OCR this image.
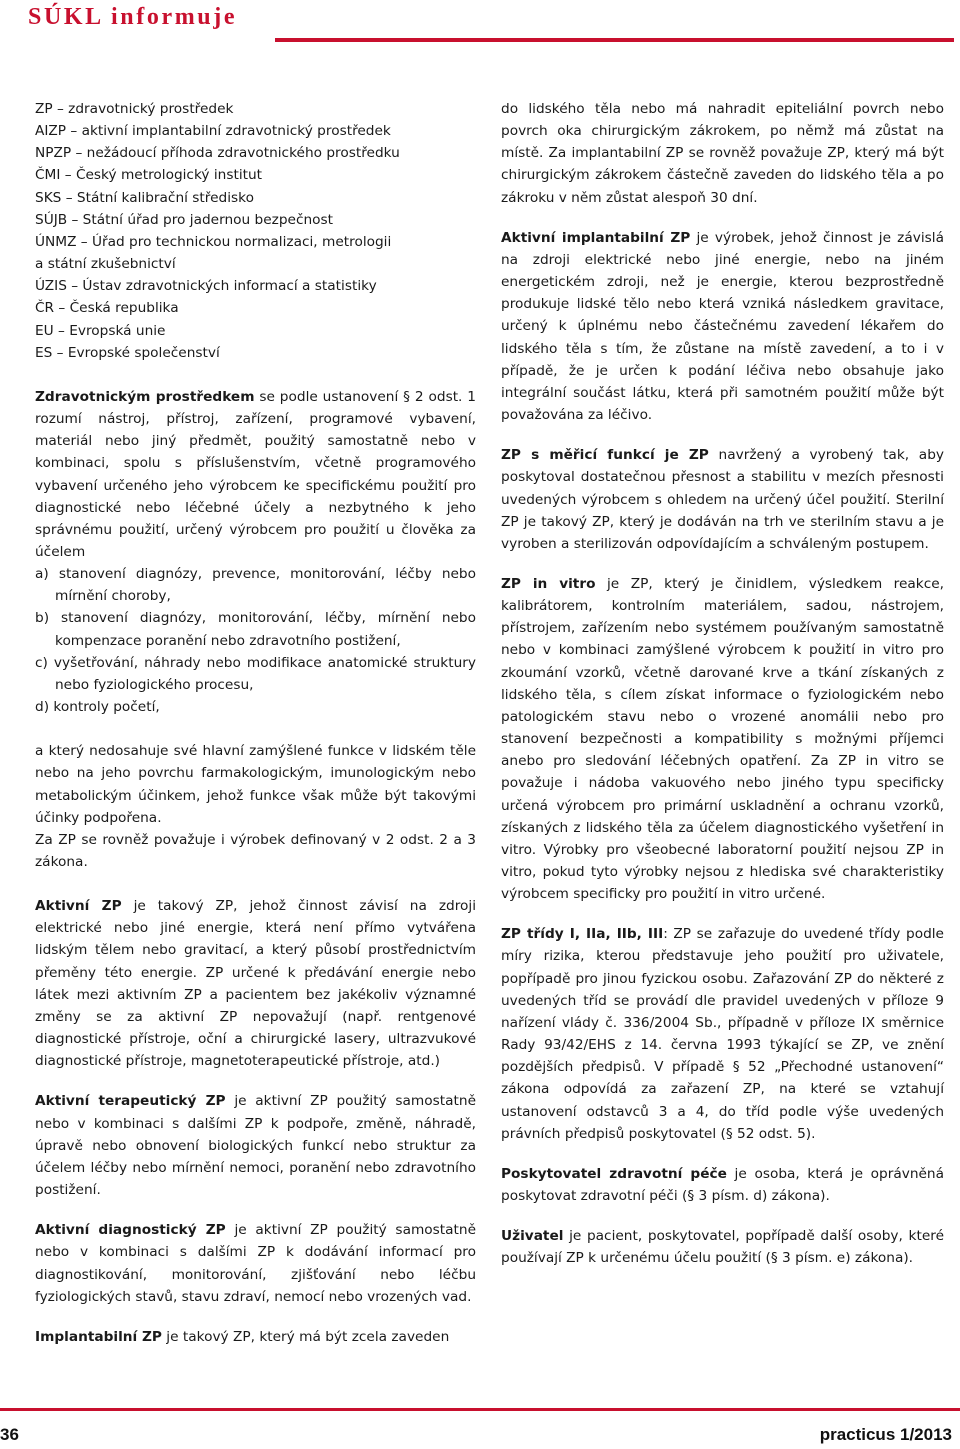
SÚKL informuje
ZP – zdravotnický prostředek
AIZP – aktivní implantabilní zdravotnický prostředek
NPZP – nežádoucí příhoda zdravotnického prostředku
ČMI – Český metrologický institut
SKS – Státní kalibrační středisko
SÚJB – Státní úřad pro jadernou bezpečnost
ÚNMZ – Úřad pro technickou normalizaci, metrologii
a státní zkušebnictví
ÚZIS – Ústav zdravotnických informací a statistiky
ČR – Česká republika
EU – Evropská unie
ES – Evropské společenství

Zdravotnickým prostředkem se podle ustanovení § 2 odst. 1 rozumí nástroj, přístroj, zařízení, programové vybavení, materiál nebo jiný předmět, použitý samostatně nebo v kombinaci, spolu s příslušenstvím, včetně programového vybavení určeného jeho výrobcem ke specifickému použití pro diagnostické nebo léčebné účely a nezbytného k jeho správnému použití, určený výrobcem pro použití u člověka za účelem

a) stanovení diagnózy, prevence, monitorování, léčby nebo mírnění choroby,

b) stanovení diagnózy, monitorování, léčby, mírnění nebo kompenzace poranění nebo zdravotního postižení,

c) vyšetřování, náhrady nebo modifikace anatomické struktury nebo fyziologického procesu,

d) kontroly početí,

a který nedosahuje své hlavní zamýšlené funkce v lidském těle nebo na jeho povrchu farmakologickým, imunologickým nebo metabolickým účinkem, jehož funkce však může být takovými účinky podpořena.

Za ZP se rovněž považuje i výrobek definovaný v 2 odst. 2 a 3 zákona.

Aktivní ZP je takový ZP, jehož činnost závisí na zdroji elektrické nebo jiné energie, která není přímo vytvářena lidským tělem nebo gravitací, a který působí prostřednictvím přeměny této energie. ZP určené k předávání energie nebo látek mezi aktivním ZP a pacientem bez jakékoliv významné změny se za aktivní ZP nepovažují (např. rentgenové diagnostické přístroje, oční a chirurgické lasery, ultrazvukové diagnostické přístroje, magnetoterapeutické přístroje, atd.)

Aktivní terapeutický ZP je aktivní ZP použitý samostatně nebo v kombinaci s dalšími ZP k podpoře, změně, náhradě, úpravě nebo obnovení biologických funkcí nebo struktur za účelem léčby nebo mírnění nemoci, poranění nebo zdravotního postižení.

Aktivní diagnostický ZP je aktivní ZP použitý samostatně nebo v kombinaci s dalšími ZP k dodávání informací pro diagnostikování, monitorování, zjišťování nebo léčbu fyziologických stavů, stavu zdraví, nemocí nebo vrozených vad.

Implantabilní ZP je takový ZP, který má být zcela zaveden

do lidského těla nebo má nahradit epiteliální povrch nebo povrch oka chirurgickým zákrokem, po němž má zůstat na místě. Za implantabilní ZP se rovněž považuje ZP, který má být chirurgickým zákrokem částečně zaveden do lidského těla a po zákroku v něm zůstat alespoň 30 dní.

Aktivní implantabilní ZP je výrobek, jehož činnost je závislá na zdroji elektrické nebo jiné energie, nebo na jiném energetickém zdroji, než je energie, kterou bezprostředně produkuje lidské tělo nebo která vzniká následkem gravitace, určený k úplnému nebo částečnému zavedení lékařem do lidského těla s tím, že zůstane na místě zavedení, a to i v případě, že je určen k podání léčiva nebo obsahuje jako integrální součást látku, která při samotném použití může být považována za léčivo.

ZP s měřicí funkcí je ZP navržený a vyrobený tak, aby poskytoval dostatečnou přesnost a stabilitu v mezích přesnosti uvedených výrobcem s ohledem na určený účel použití. Sterilní ZP je takový ZP, který je dodáván na trh ve sterilním stavu a je vyroben a sterilizován odpovídajícím a schváleným postupem.

ZP in vitro je ZP, který je činidlem, výsledkem reakce, kalibrátorem, kontrolním materiálem, sadou, nástrojem, přístrojem, zařízením nebo systémem používaným samostatně nebo v kombinaci zamýšlené výrobcem k použití in vitro pro zkoumání vzorků, včetně darované krve a tkání získaných z lidského těla, s cílem získat informace o fyziologickém nebo patologickém stavu nebo o vrozené anomálii nebo pro stanovení bezpečnosti a kompatibility s možnými příjemci anebo pro sledování léčebných opatření. Za ZP in vitro se považuje i nádoba vakuového nebo jiného typu specificky určená výrobcem pro primární uskladnění a ochranu vzorků, získaných z lidského těla za účelem diagnostického vyšetření in vitro. Výrobky pro všeobecné laboratorní použití nejsou ZP in vitro, pokud tyto výrobky nejsou z hlediska své charakteristiky výrobcem specificky pro použití in vitro určené.

ZP třídy I, IIa, IIb, III: ZP se zařazuje do uvedené třídy podle míry rizika, kterou představuje jeho použití pro uživatele, popřípadě pro jinou fyzickou osobu. Zařazování ZP do některé z uvedených tříd se provádí dle pravidel uvedených v příloze 9 nařízení vlády č. 336/2004 Sb., případně v příloze IX směrnice Rady 93/42/EHS z 14. června 1993 týkající se ZP, ve znění pozdějších předpisů. V případě § 52 „Přechodné ustanovení“ zákona odpovídá za zařazení ZP, na které se vztahují ustanovení odstavců 3 a 4, do tříd podle výše uvedených právních předpisů poskytovatel (§ 52 odst. 5).

Poskytovatel zdravotní péče je osoba, která je oprávněná poskytovat zdravotní péči (§ 3 písm. d) zákona).

Uživatel je pacient, poskytovatel, popřípadě další osoby, které používají ZP k určenému účelu použití (§ 3 písm. e) zákona).

36	practicus 1/2013
